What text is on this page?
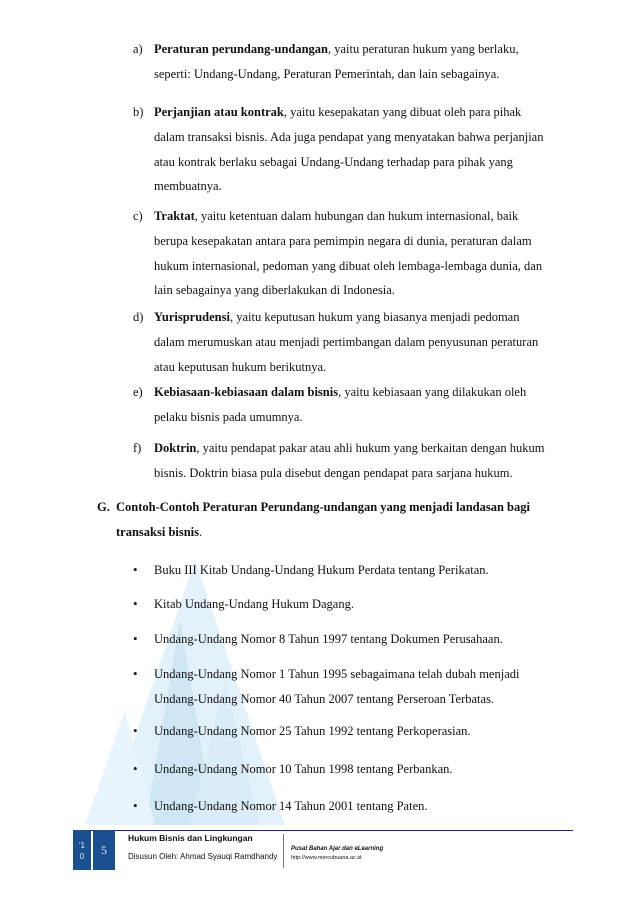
a) Peraturan perundang-undangan, yaitu peraturan hukum yang berlaku,
seperti: Undang-Undang, Peraturan Pemerintah, dan lain sebagainya.
b) Perjanjian atau kontrak, yaitu kesepakatan yang dibuat oleh para pihak
dalam transaksi bisnis. Ada juga pendapat yang menyatakan bahwa perjanjian
atau kontrak berlaku sebagai Undang-Undang terhadap para pihak yang
membuatnya.
c) Traktat, yaitu ketentuan dalam hubungan dan hukum internasional, baik
berupa kesepakatan antara para pemimpin negara di dunia, peraturan dalam
hukum internasional, pedoman yang dibuat oleh lembaga-lembaga dunia, dan
lain sebagainya yang diberlakukan di Indonesia.
d) Yurisprudensi, yaitu keputusan hukum yang biasanya menjadi pedoman
dalam merumuskan atau menjadi pertimbangan dalam penyusunan peraturan
atau keputusan hukum berikutnya.
e) Kebiasaan-kebiasaan dalam bisnis, yaitu kebiasaan yang dilakukan oleh
pelaku bisnis pada umumnya.
f) Doktrin, yaitu pendapat pakar atau ahli hukum yang berkaitan dengan hukum
bisnis. Doktrin biasa pula disebut dengan pendapat para sarjana hukum.
G. Contoh-Contoh Peraturan Perundang-undangan yang menjadi landasan bagi
transaksi bisnis.
• Buku III Kitab Undang-Undang Hukum Perdata tentang Perikatan.
• Kitab Undang-Undang Hukum Dagang.
• Undang-Undang Nomor 8 Tahun 1997 tentang Dokumen Perusahaan.
• Undang-Undang Nomor 1 Tahun 1995 sebagaimana telah dubah menjadi
Undang-Undang Nomor 40 Tahun 2007 tentang Perseroan Terbatas.
• Undang-Undang Nomor 25 Tahun 1992 tentang Perkoperasian.
• Undang-Undang Nomor 10 Tahun 1998 tentang Perbankan.
• Undang-Undang Nomor 14 Tahun 2001 tentang Paten.
'1
0	5
Hukum Bisnis dan Lingkungan
Disusun Oleh: Ahmad Syauqi Ramdhandy
Pusat Bahan Ajar dan eLearning
http://www.mercubuana.ac.id
